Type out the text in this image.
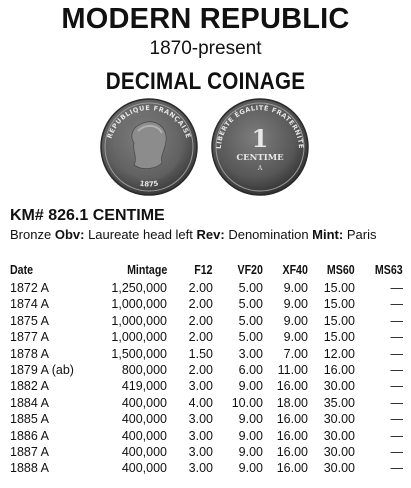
MODERN REPUBLIC
1870-present
DECIMAL COINAGE
REPUBLIQUE FRANÇAISE
1875
LIBERTE ÉGALITÉ FRATERNITE
1
CENTIME
A
KM# 826.1 CENTIME
Bronze Obv: Laureate head left Rev: Denomination Mint: Paris
Date	Mintage F12 VF20 XF40 MS60 MS63
1872 A	1,250,000 2.00 5.00 9.00 15.00	—
1874 A	1,000,000 2.00 5.00 9.00 15.00	—
1875 A	1,000,000 2.00 5.00 9.00 15.00	—
1877 A	1,000,000 2.00 5.00 9.00 15.00	—
1878 A	1,500,000 1.50 3.00 7.00 12.00	—
1879 A (ab)	800,000 2.00 6.00 11.00 16.00	—
1882 A	419,000 3.00 9.00 16.00 30.00	—
1884 A	400,000 4.00 10.00 18.00 35.00	—
1885 A	400,000 3.00 9.00 16.00 30.00	—
1886 A	400,000 3.00 9.00 16.00 30.00	—
1887 A	400,000 3.00 9.00 16.00 30.00	—
1888 A	400,000 3.00 9.00 16.00 30.00	—
